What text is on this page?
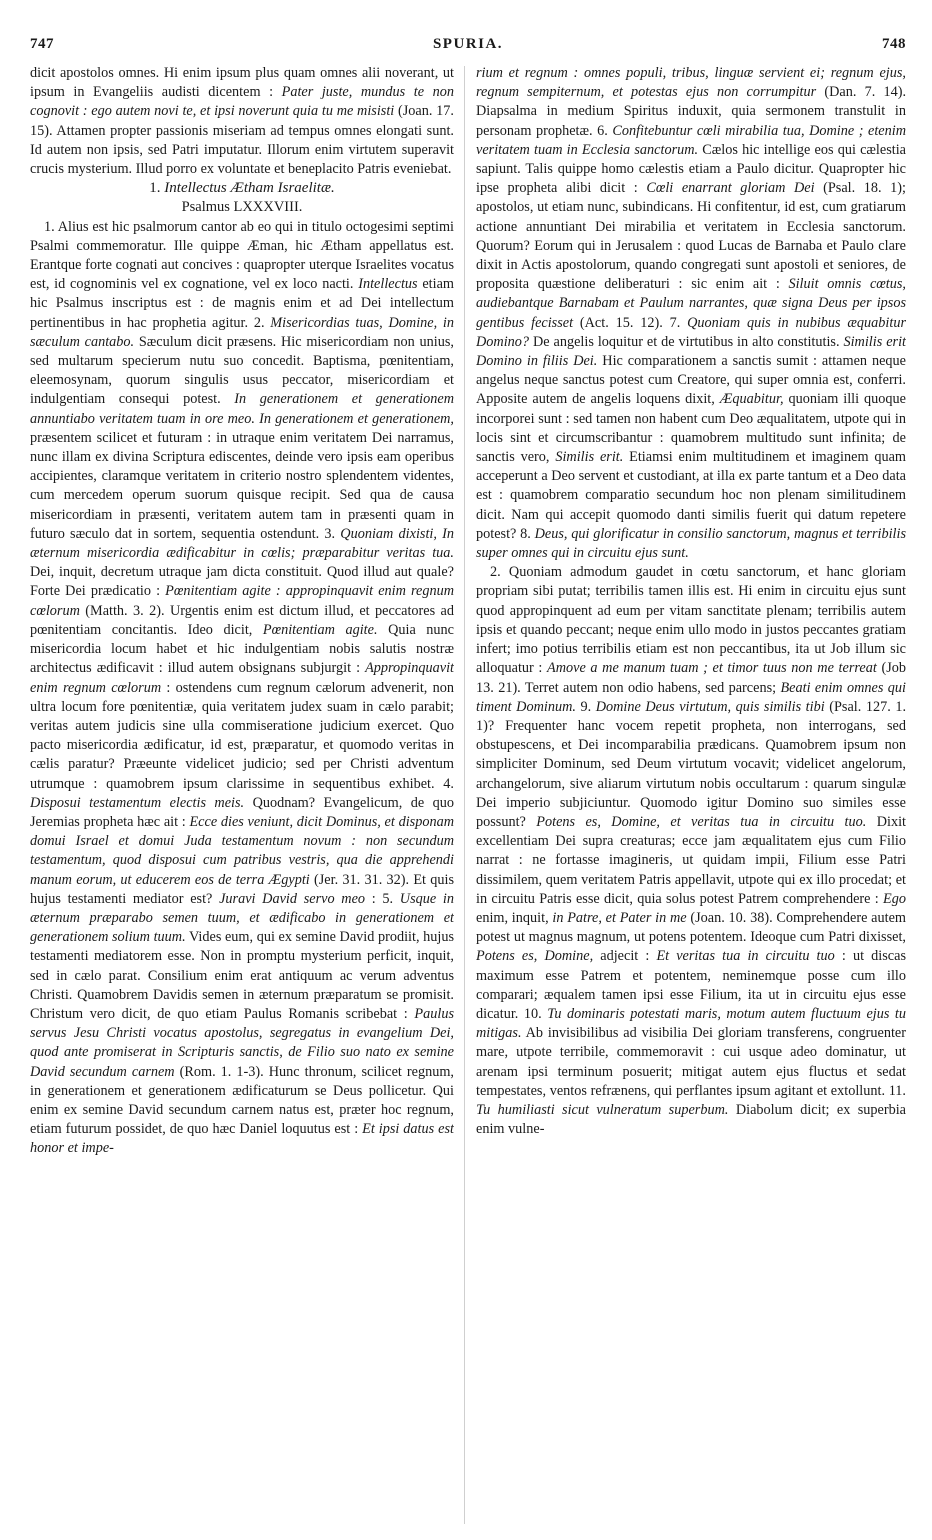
747	SPURIA.	748

dicit apostolos omnes. Hi enim ipsum plus quam omnes alii noverant, ut ipsum in Evangeliis audisti dicentem : Pater juste, mundus te non cognovit : ego autem novi te, et ipsi noverunt quia tu me misisti (Joan. 17. 15). Attamen propter passionis miseriam ad tempus omnes elongati sunt. Id autem non ipsis, sed Patri imputatur. Illorum enim virtutem superavit crucis mysterium. Illud porro ex voluntate et beneplacito Patris eveniebat.

1. Intellectus Ætham Israelitæ.

Psalmus LXXXVIII.

1. Alius est hic psalmorum cantor ab eo qui in titulo octogesimi septimi Psalmi commemoratur. Ille quippe Æman, hic Ætham appellatus est. Erantque forte cognati aut concives : quapropter uterque Israelites vocatus est, id cognominis vel ex cognatione, vel ex loco nacti. Intellectus etiam hic Psalmus inscriptus est : de magnis enim et ad Dei intellectum pertinentibus in hac prophetia agitur. 2. Misericordias tuas, Domine, in sæculum cantabo. Sæculum dicit præsens. Hic misericordiam non unius, sed multarum specierum nutu suo concedit. Baptisma, pœnitentiam, eleemosynam, quorum singulis usus peccator, misericordiam et indulgentiam consequi potest. In generationem et generationem annuntiabo veritatem tuam in ore meo. In generationem et generationem, præsentem scilicet et futuram : in utraque enim veritatem Dei narramus, nunc illam ex divina Scriptura ediscentes, deinde vero ipsis eam operibus accipientes, claramque veritatem in criterio nostro splendentem videntes, cum mercedem operum suorum quisque recipit. Sed qua de causa misericordiam in præsenti, veritatem autem tam in præsenti quam in futuro sæculo dat in sortem, sequentia ostendunt. 3. Quoniam dixisti, In æternum misericordia ædificabitur in cœlis; præparabitur veritas tua. Dei, inquit, decretum utraque jam dicta constituit. Quod illud aut quale? Forte Dei prædicatio : Pœnitentiam agite : appropinquavit enim regnum cœlorum (Matth. 3. 2). Urgentis enim est dictum illud, et peccatores ad pœnitentiam concitantis. Ideo dicit, Pœnitentiam agite. Quia nunc misericordia locum habet et hic indulgentiam nobis salutis nostræ architectus ædificavit : illud autem obsignans subjurgit : Appropinquavit enim regnum cœlorum : ostendens cum regnum cælorum advenerit, non ultra locum fore pœnitentiæ, quia veritatem judex suam in cælo parabit; veritas autem judicis sine ulla commiseratione judicium exercet. Quo pacto misericordia ædificatur, id est, præparatur, et quomodo veritas in cælis paratur? Præeunte videlicet judicio; sed per Christi adventum utrumque : quamobrem ipsum clarissime in sequentibus exhibet. 4. Disposui testamentum electis meis. Quodnam? Evangelicum, de quo Jeremias propheta hæc ait : Ecce dies veniunt, dicit Dominus, et disponam domui Israel et domui Juda testamentum novum : non secundum testamentum, quod disposui cum patribus vestris, qua die apprehendi manum eorum, ut educerem eos de terra Ægypti (Jer. 31. 31. 32). Et quis hujus testamenti mediator est? Juravi David servo meo : 5. Usque in æternum præparabo semen tuum, et ædificabo in generationem et generationem solium tuum. Vides eum, qui ex semine David prodiit, hujus testamenti mediatorem esse. Non in promptu mysterium perficit, inquit, sed in cælo parat. Consilium enim erat antiquum ac verum adventus Christi. Quamobrem Davidis semen in æternum præparatum se promisit. Christum vero dicit, de quo etiam Paulus Romanis scribebat : Paulus servus Jesu Christi vocatus apostolus, segregatus in evangelium Dei, quod ante promiserat in Scripturis sanctis, de Filio suo nato ex semine David secundum carnem (Rom. 1. 1-3). Hunc thronum, scilicet regnum, in generationem et generationem ædificaturum se Deus pollicetur. Qui enim ex semine David secundum carnem natus est, præter hoc regnum, etiam futurum possidet, de quo hæc Daniel loquutus est : Et ipsi datus est honor et impe-

rium et regnum : omnes populi, tribus, linguæ servient ei; regnum ejus, regnum sempiternum, et potestas ejus non corrumpitur (Dan. 7. 14). Diapsalma in medium Spiritus induxit, quia sermonem transtulit in personam prophetæ. 6. Confitebuntur cœli mirabilia tua, Domine ; etenim veritatem tuam in Ecclesia sanctorum. Cælos hic intellige eos qui cælestia sapiunt. Talis quippe homo cælestis etiam a Paulo dicitur. Quapropter hic ipse propheta alibi dicit : Cœli enarrant gloriam Dei (Psal. 18. 1); apostolos, ut etiam nunc, subindicans. Hi confitentur, id est, cum gratiarum actione annuntiant Dei mirabilia et veritatem in Ecclesia sanctorum. Quorum? Eorum qui in Jerusalem : quod Lucas de Barnaba et Paulo clare dixit in Actis apostolorum, quando congregati sunt apostoli et seniores, de proposita quæstione deliberaturi : sic enim ait : Siluit omnis cœtus, audiebantque Barnabam et Paulum narrantes, quæ signa Deus per ipsos gentibus fecisset (Act. 15. 12). 7. Quoniam quis in nubibus æquabitur Domino? De angelis loquitur et de virtutibus in alto constitutis. Similis erit Domino in filiis Dei. Hic comparationem a sanctis sumit : attamen neque angelus neque sanctus potest cum Creatore, qui super omnia est, conferri. Apposite autem de angelis loquens dixit, Æquabitur, quoniam illi quoque incorporei sunt : sed tamen non habent cum Deo æqualitatem, utpote qui in locis sint et circumscribantur : quamobrem multitudo sunt infinita; de sanctis vero, Similis erit. Etiamsi enim multitudinem et imaginem quam acceperunt a Deo servent et custodiant, at illa ex parte tantum et a Deo data est : quamobrem comparatio secundum hoc non plenam similitudinem dicit. Nam qui accepit quomodo danti similis fuerit qui datum repetere potest? 8. Deus, qui glorificatur in consilio sanctorum, magnus et terribilis super omnes qui in circuitu ejus sunt.

2. Quoniam admodum gaudet in cœtu sanctorum, et hanc gloriam propriam sibi putat; terribilis tamen illis est. Hi enim in circuitu ejus sunt quod appropinquent ad eum per vitam sanctitate plenam; terribilis autem ipsis et quando peccant; neque enim ullo modo in justos peccantes gratiam infert; imo potius terribilis etiam est non peccantibus, ita ut Job illum sic alloquatur : Amove a me manum tuam ; et timor tuus non me terreat (Job 13. 21). Terret autem non odio habens, sed parcens; Beati enim omnes qui timent Dominum. 9. Domine Deus virtutum, quis similis tibi (Psal. 127. 1. 1)? Frequenter hanc vocem repetit propheta, non interrogans, sed obstupescens, et Dei incomparabilia prædicans. Quamobrem ipsum non simpliciter Dominum, sed Deum virtutum vocavit; videlicet angelorum, archangelorum, sive aliarum virtutum nobis occultarum : quarum singulæ Dei imperio subjiciuntur. Quomodo igitur Domino suo similes esse possunt? Potens es, Domine, et veritas tua in circuitu tuo. Dixit excellentiam Dei supra creaturas; ecce jam æqualitatem ejus cum Filio narrat : ne fortasse imagineris, ut quidam impii, Filium esse Patri dissimilem, quem veritatem Patris appellavit, utpote qui ex illo procedat; et in circuitu Patris esse dicit, quia solus potest Patrem comprehendere : Ego enim, inquit, in Patre, et Pater in me (Joan. 10. 38). Comprehendere autem potest ut magnus magnum, ut potens potentem. Ideoque cum Patri dixisset, Potens es, Domine, adjecit : Et veritas tua in circuitu tuo : ut discas maximum esse Patrem et potentem, neminemque posse cum illo comparari; æqualem tamen ipsi esse Filium, ita ut in circuitu ejus esse dicatur. 10. Tu dominaris potestati maris, motum autem fluctuum ejus tu mitigas. Ab invisibilibus ad visibilia Dei gloriam transferens, congruenter mare, utpote terribile, commemoravit : cui usque adeo dominatur, ut arenam ipsi terminum posuerit; mitigat autem ejus fluctus et sedat tempestates, ventos refrænens, qui perflantes ipsum agitant et extollunt. 11. Tu humiliasti sicut vulneratum superbum. Diabolum dicit; ex superbia enim vulne-
